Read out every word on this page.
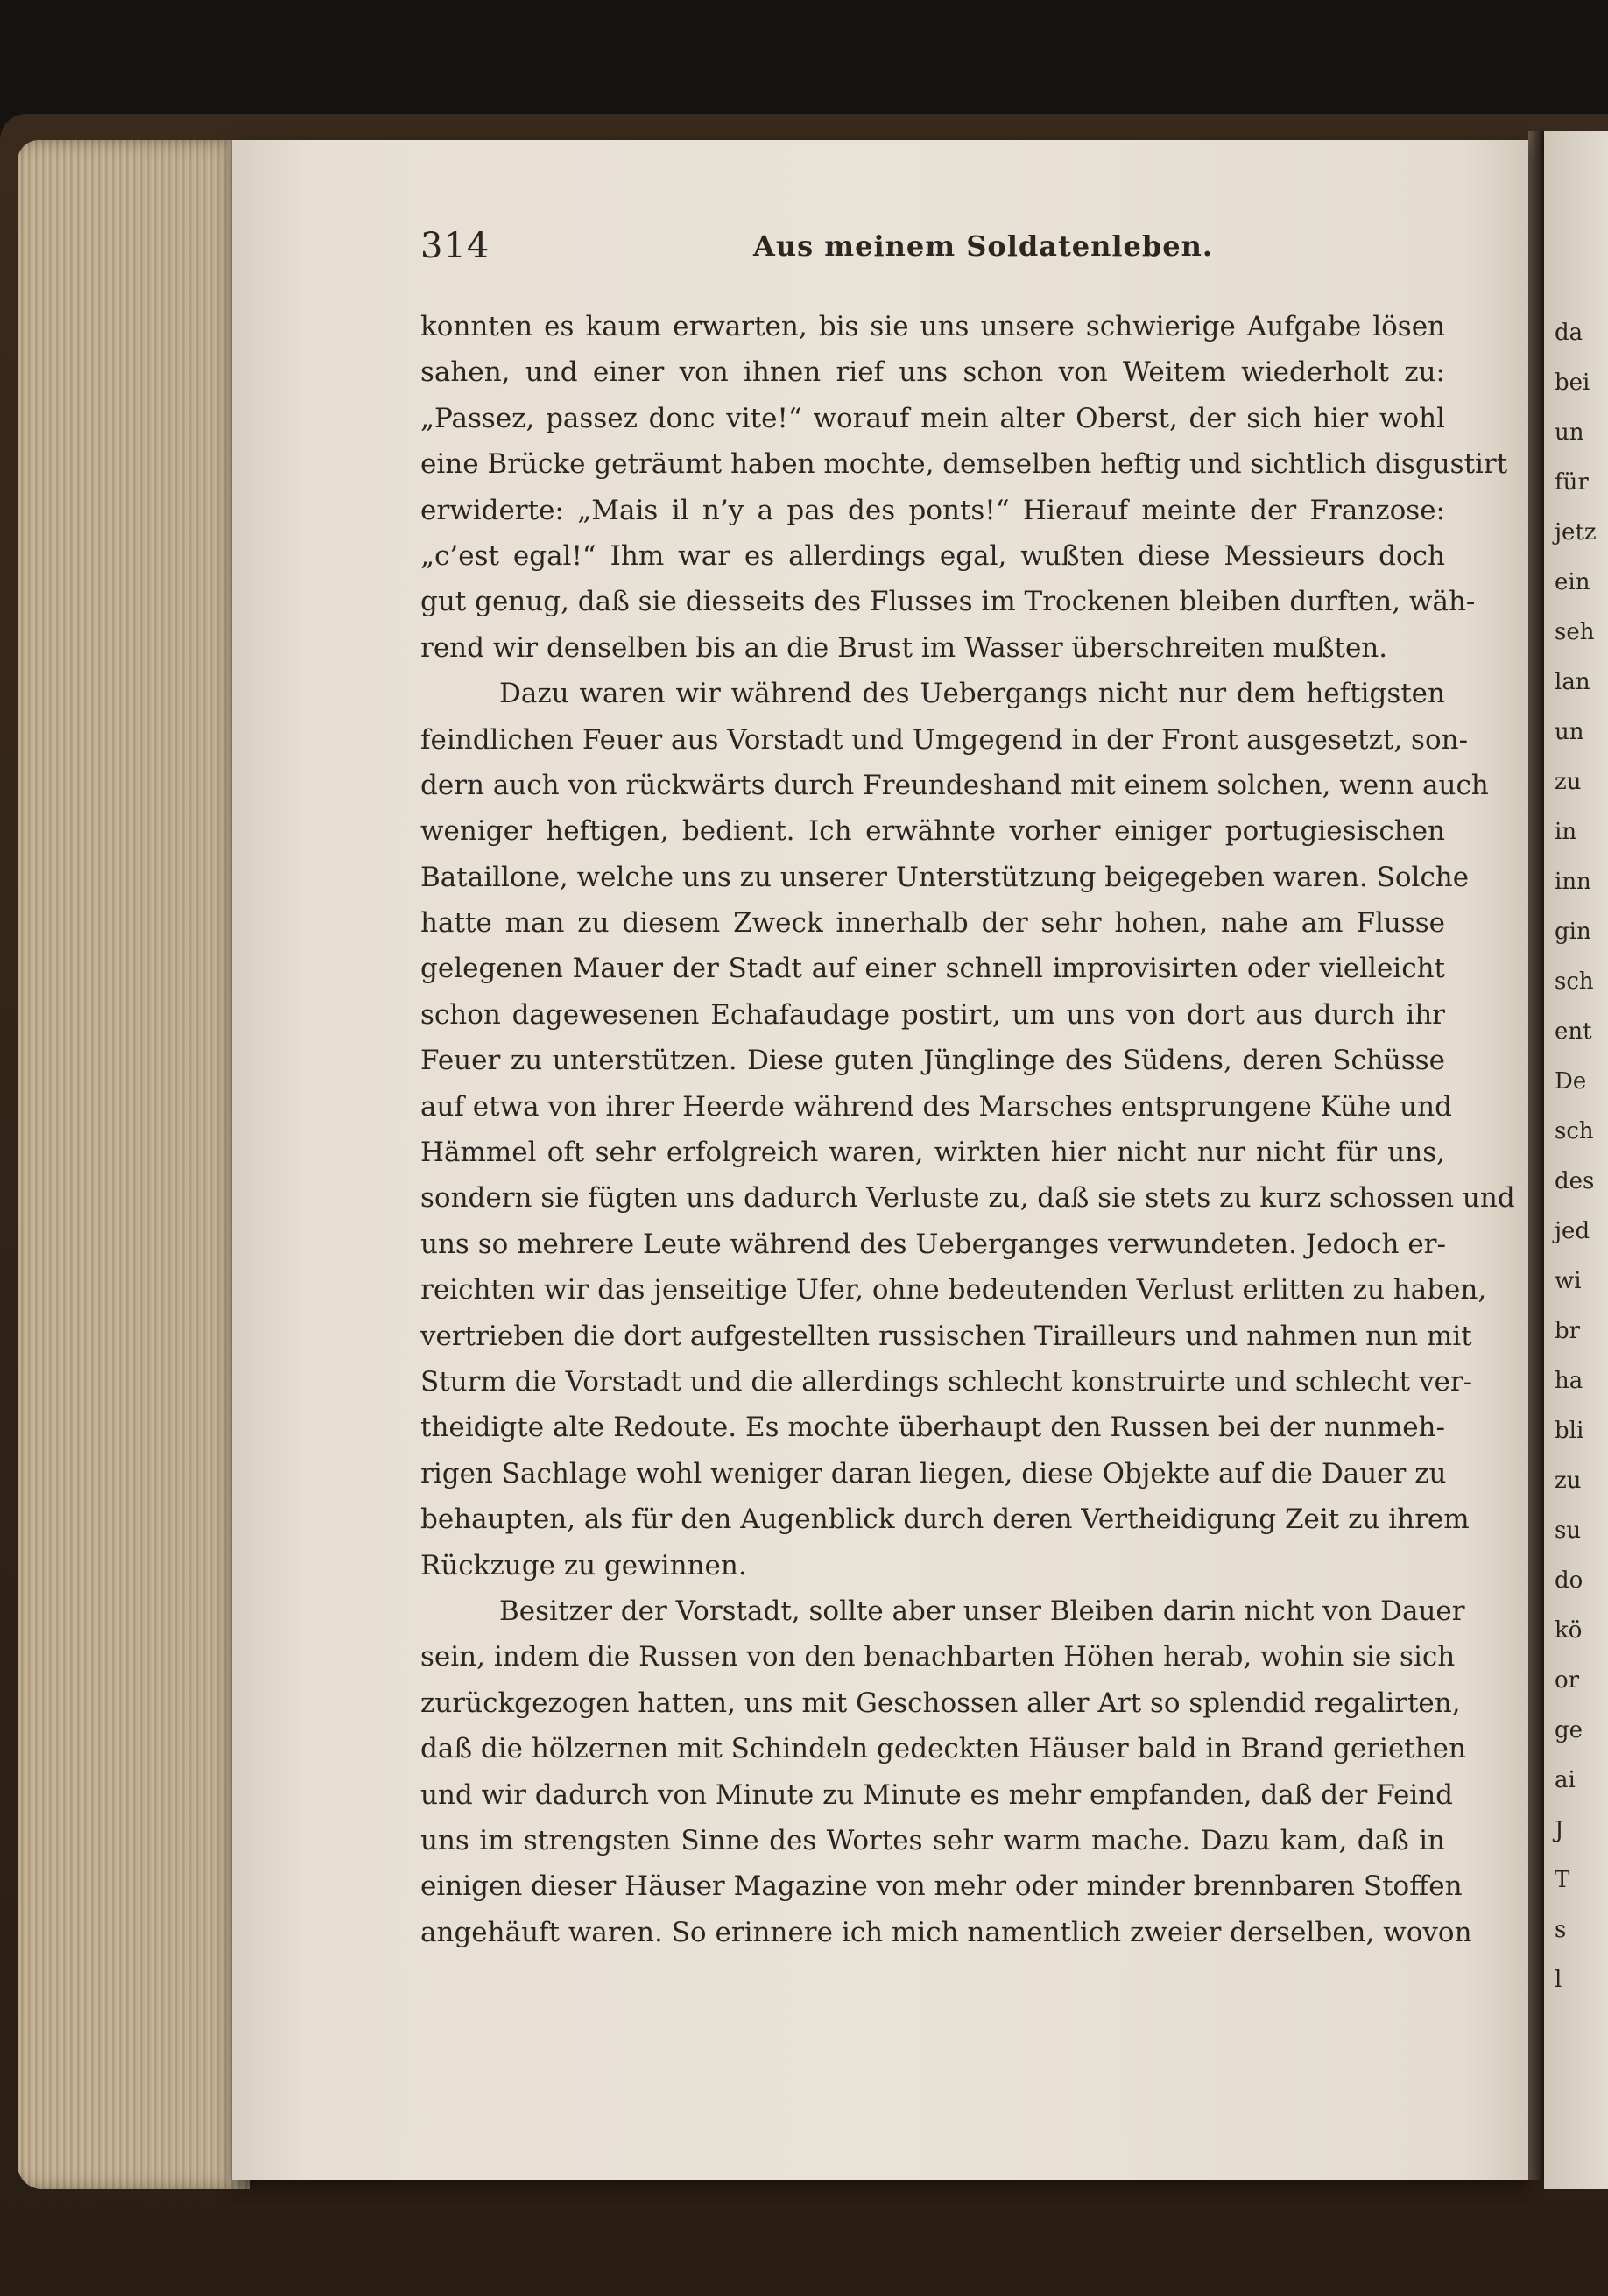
da
bei
un
für
jetz
ein
seh
lan
un
zu
in
inn
gin
sch
ent
De
sch
des
jed
wi
br
ha
bli
zu
su
do
kö
or
ge
ai
J
T
s
l
314	Aus meinem Soldatenleben.
konnten es kaum erwarten, bis sie uns unsere schwierige Aufgabe lösen
sahen, und einer von ihnen rief uns schon von Weitem wiederholt zu:
„Passez, passez donc vite!“ worauf mein alter Oberst, der sich hier wohl
eine Brücke geträumt haben mochte, demselben heftig und sichtlich disgustirt
erwiderte: „Mais il n’y a pas des ponts!“ Hierauf meinte der Franzose:
„c’est egal!“ Ihm war es allerdings egal, wußten diese Messieurs doch
gut genug, daß sie diesseits des Flusses im Trockenen bleiben durften, wäh-
rend wir denselben bis an die Brust im Wasser überschreiten mußten.
Dazu waren wir während des Uebergangs nicht nur dem heftigsten
feindlichen Feuer aus Vorstadt und Umgegend in der Front ausgesetzt, son-
dern auch von rückwärts durch Freundeshand mit einem solchen, wenn auch
weniger heftigen, bedient. Ich erwähnte vorher einiger portugiesischen
Bataillone, welche uns zu unserer Unterstützung beigegeben waren. Solche
hatte man zu diesem Zweck innerhalb der sehr hohen, nahe am Flusse
gelegenen Mauer der Stadt auf einer schnell improvisirten oder vielleicht
schon dagewesenen Echafaudage postirt, um uns von dort aus durch ihr
Feuer zu unterstützen. Diese guten Jünglinge des Südens, deren Schüsse
auf etwa von ihrer Heerde während des Marsches entsprungene Kühe und
Hämmel oft sehr erfolgreich waren, wirkten hier nicht nur nicht für uns,
sondern sie fügten uns dadurch Verluste zu, daß sie stets zu kurz schossen und
uns so mehrere Leute während des Ueberganges verwundeten. Jedoch er-
reichten wir das jenseitige Ufer, ohne bedeutenden Verlust erlitten zu haben,
vertrieben die dort aufgestellten russischen Tirailleurs und nahmen nun mit
Sturm die Vorstadt und die allerdings schlecht konstruirte und schlecht ver-
theidigte alte Redoute. Es mochte überhaupt den Russen bei der nunmeh-
rigen Sachlage wohl weniger daran liegen, diese Objekte auf die Dauer zu
behaupten, als für den Augenblick durch deren Vertheidigung Zeit zu ihrem
Rückzuge zu gewinnen.
Besitzer der Vorstadt, sollte aber unser Bleiben darin nicht von Dauer
sein, indem die Russen von den benachbarten Höhen herab, wohin sie sich
zurückgezogen hatten, uns mit Geschossen aller Art so splendid regalirten,
daß die hölzernen mit Schindeln gedeckten Häuser bald in Brand geriethen
und wir dadurch von Minute zu Minute es mehr empfanden, daß der Feind
uns im strengsten Sinne des Wortes sehr warm mache. Dazu kam, daß in
einigen dieser Häuser Magazine von mehr oder minder brennbaren Stoffen
angehäuft waren. So erinnere ich mich namentlich zweier derselben, wovon
